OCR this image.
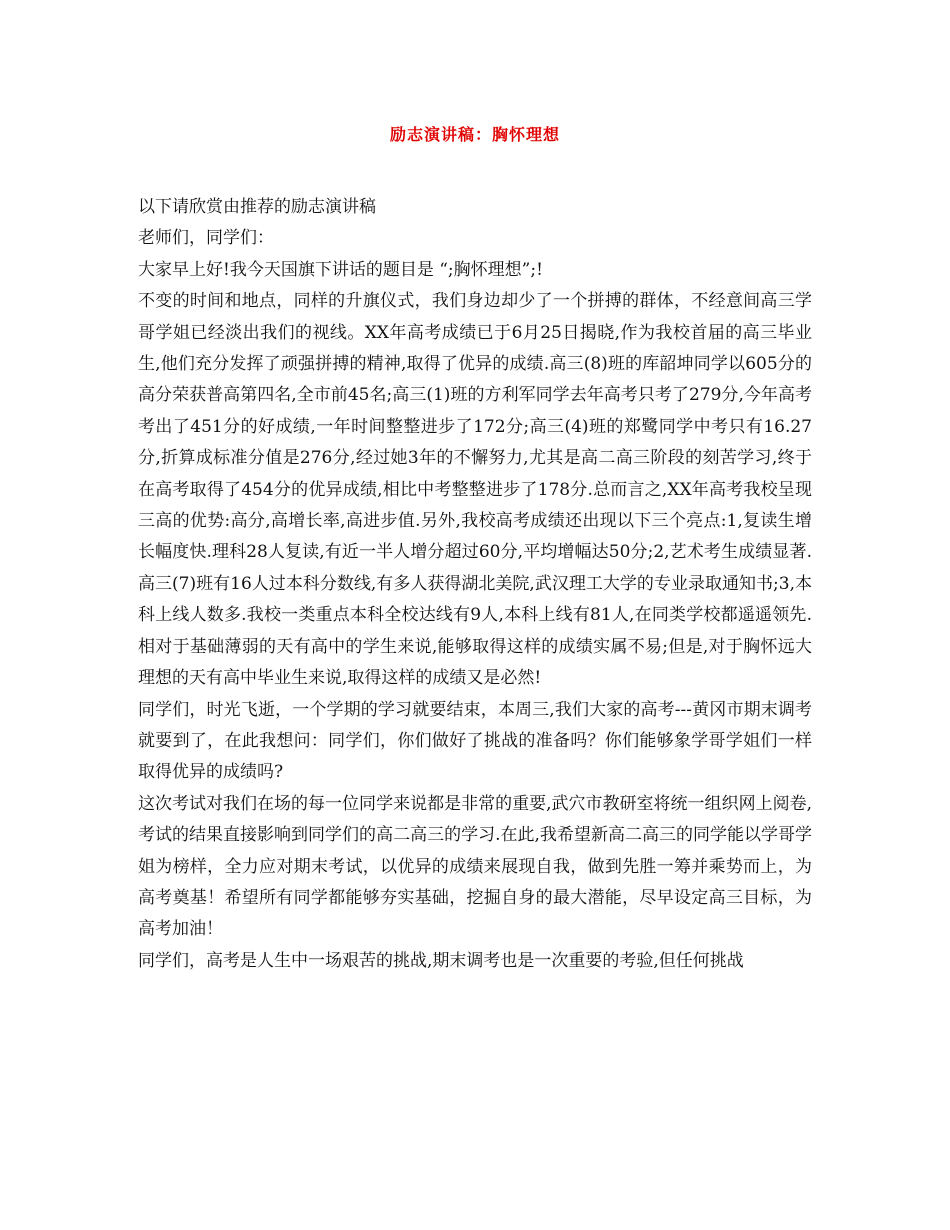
励志演讲稿：胸怀理想

以下请欣赏由推荐的励志演讲稿

老师们，同学们：

大家早上好!我今天国旗下讲话的题目是 “;胸怀理想”;!

不变的时间和地点，同样的升旗仪式，我们身边却少了一个拼搏的群体，不经意间高三学哥学姐已经淡出我们的视线。XX年高考成绩已于6月25日揭晓,作为我校首届的高三毕业生,他们充分发挥了顽强拼搏的精神,取得了优异的成绩.高三(8)班的库韶坤同学以605分的高分荣获普高第四名,全市前45名;高三(1)班的方利军同学去年高考只考了279分,今年高考考出了451分的好成绩,一年时间整整进步了172分;高三(4)班的郑鹭同学中考只有16.27分,折算成标准分值是276分,经过她3年的不懈努力,尤其是高二高三阶段的刻苦学习,终于在高考取得了454分的优异成绩,相比中考整整进步了178分.总而言之,XX年高考我校呈现三高的优势:高分,高增长率,高进步值.另外,我校高考成绩还出现以下三个亮点:1,复读生增长幅度快.理科28人复读,有近一半人增分超过60分,平均增幅达50分;2,艺术考生成绩显著.高三(7)班有16人过本科分数线,有多人获得湖北美院,武汉理工大学的专业录取通知书;3,本科上线人数多.我校一类重点本科全校达线有9人,本科上线有81人,在同类学校都遥遥领先.相对于基础薄弱的天有高中的学生来说,能够取得这样的成绩实属不易;但是,对于胸怀远大理想的天有高中毕业生来说,取得这样的成绩又是必然!

同学们，时光飞逝，一个学期的学习就要结束，本周三,我们大家的高考---黄冈市期末调考就要到了，在此我想问：同学们，你们做好了挑战的准备吗？你们能够象学哥学姐们一样取得优异的成绩吗?

这次考试对我们在场的每一位同学来说都是非常的重要,武穴市教研室将统一组织网上阅卷,考试的结果直接影响到同学们的高二高三的学习.在此,我希望新高二高三的同学能以学哥学姐为榜样，全力应对期末考试，以优异的成绩来展现自我，做到先胜一筹并乘势而上，为高考奠基！希望所有同学都能够夯实基础，挖掘自身的最大潜能，尽早设定高三目标，为高考加油！

同学们，高考是人生中一场艰苦的挑战,期末调考也是一次重要的考验,但任何挑战
